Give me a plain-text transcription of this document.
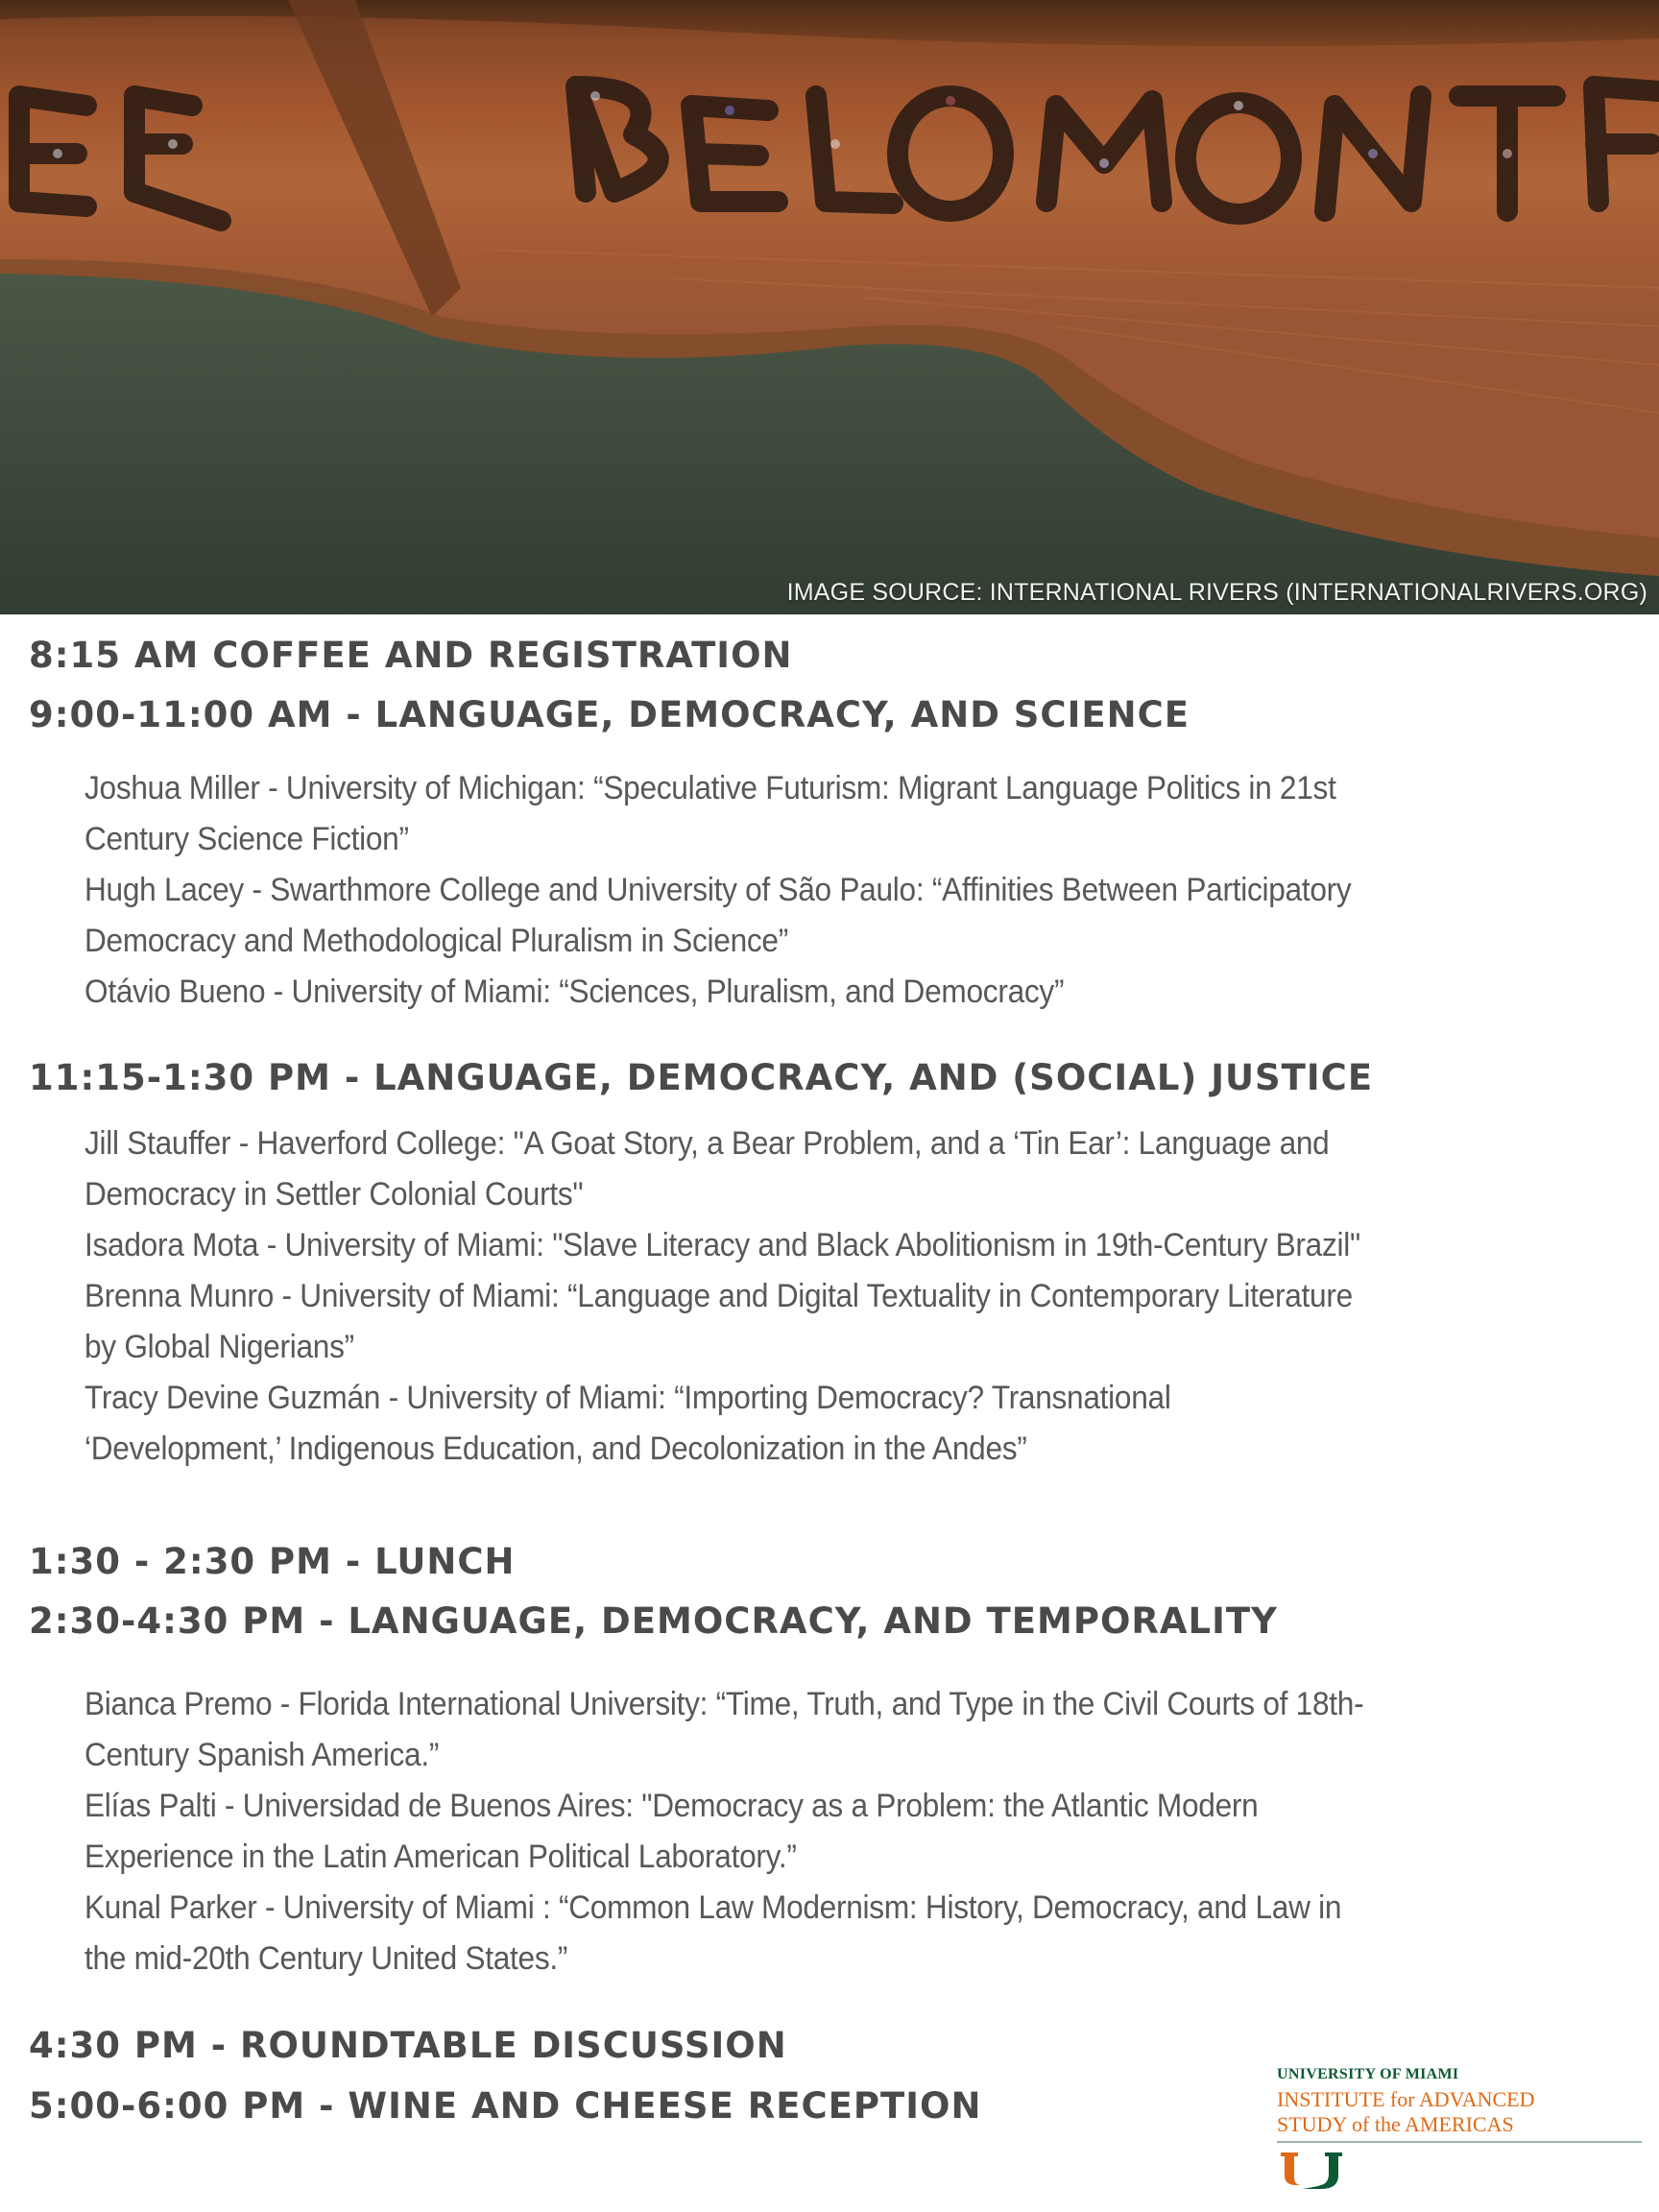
IMAGE SOURCE: INTERNATIONAL RIVERS (INTERNATIONALRIVERS.ORG)
8:15 AM COFFEE AND REGISTRATION
9:00-11:00 AM - LANGUAGE, DEMOCRACY, AND SCIENCE
Joshua Miller - University of Michigan: “Speculative Futurism: Migrant Language Politics in 21st
Century Science Fiction”
Hugh Lacey - Swarthmore College and University of São Paulo: “Affinities Between Participatory
Democracy and Methodological Pluralism in Science”
Otávio Bueno - University of Miami: “Sciences, Pluralism, and Democracy”
11:15-1:30 PM - LANGUAGE, DEMOCRACY, AND (SOCIAL) JUSTICE
Jill Stauffer - Haverford College: "A Goat Story, a Bear Problem, and a ‘Tin Ear’: Language and
Democracy in Settler Colonial Courts"
Isadora Mota - University of Miami: "Slave Literacy and Black Abolitionism in 19th-Century Brazil"
Brenna Munro - University of Miami: “Language and Digital Textuality in Contemporary Literature
by Global Nigerians”
Tracy Devine Guzmán - University of Miami: “Importing Democracy? Transnational
‘Development,’ Indigenous Education, and Decolonization in the Andes”
1:30 - 2:30 PM - LUNCH
2:30-4:30 PM - LANGUAGE, DEMOCRACY, AND TEMPORALITY
Bianca Premo - Florida International University: “Time, Truth, and Type in the Civil Courts of 18th-
Century Spanish America.”
Elías Palti - Universidad de Buenos Aires: "Democracy as a Problem: the Atlantic Modern
Experience in the Latin American Political Laboratory.”
Kunal Parker - University of Miami : “Common Law Modernism: History, Democracy, and Law in
the mid-20th Century United States.”
4:30 PM - ROUNDTABLE DISCUSSION
5:00-6:00 PM - WINE AND CHEESE RECEPTION
UNIVERSITY OF MIAMI
INSTITUTE for ADVANCED
STUDY of the AMERICAS
